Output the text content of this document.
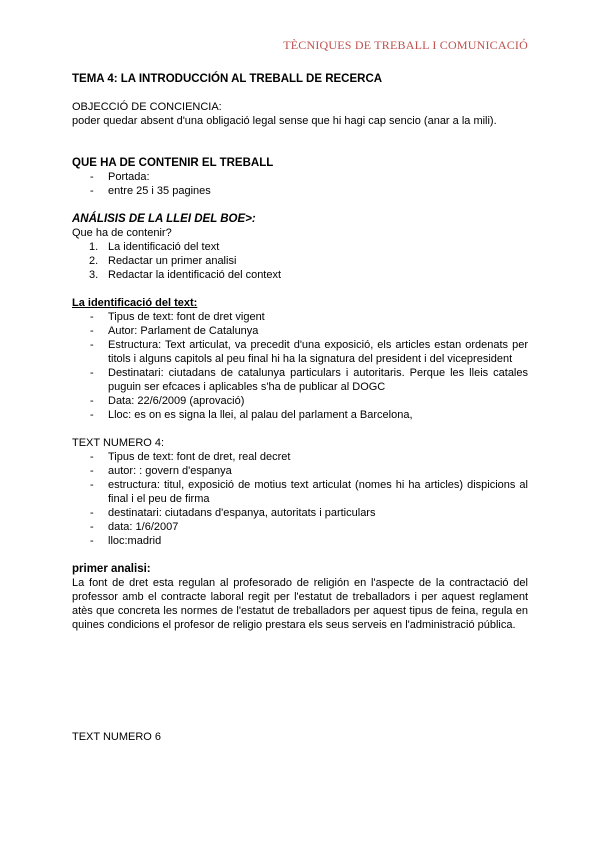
TÈCNIQUES DE TREBALL I COMUNICACIÓ

TEMA 4: LA INTRODUCCIÓN AL TREBALL DE RECERCA

OBJECCIÓ DE CONCIENCIA:

poder quedar absent d'una obligació legal sense que hi hagi cap sencio (anar a la mili).

QUE HA DE CONTENIR EL TREBALL

- Portada:
- entre 25 i 35 pagines

ANÁLISIS DE LA LLEI DEL BOE>:

Que ha de contenir?

1. La identificació del text
2. Redactar un primer analisi
3. Redactar la identificació del context

La identificació del text:

- Tipus de text: font de dret vigent
- Autor: Parlament de Catalunya
- Estructura: Text articulat, va precedit d'una exposició, els articles estan ordenats per titols i alguns capitols al peu final hi ha la signatura del president i del vicepresident
- Destinatari: ciutadans de catalunya particulars i autoritaris. Perque les lleis catales puguin ser efcaces i aplicables s'ha de publicar al DOGC
- Data: 22/6/2009 (aprovació)
- Lloc: es on es signa la llei, al palau del parlament a Barcelona,

TEXT NUMERO 4:

- Tipus de text: font de dret, real decret
- autor: : govern d'espanya
- estructura: titul, exposició de motius text articulat (nomes hi ha articles) dispicions al final i el peu de firma
- destinatari: ciutadans d'espanya, autoritats i particulars
- data: 1/6/2007
- lloc:madrid

primer analisi:

La font de dret esta regulan al profesorado de religión en l'aspecte de la contractació del professor amb el contracte laboral regit per l'estatut de treballadors i per aquest reglament atès que concreta les normes de l'estatut de treballadors per aquest tipus de feina, regula en quines condicions el profesor de religio prestara els seus serveis en l'administració pública.

TEXT NUMERO 6
